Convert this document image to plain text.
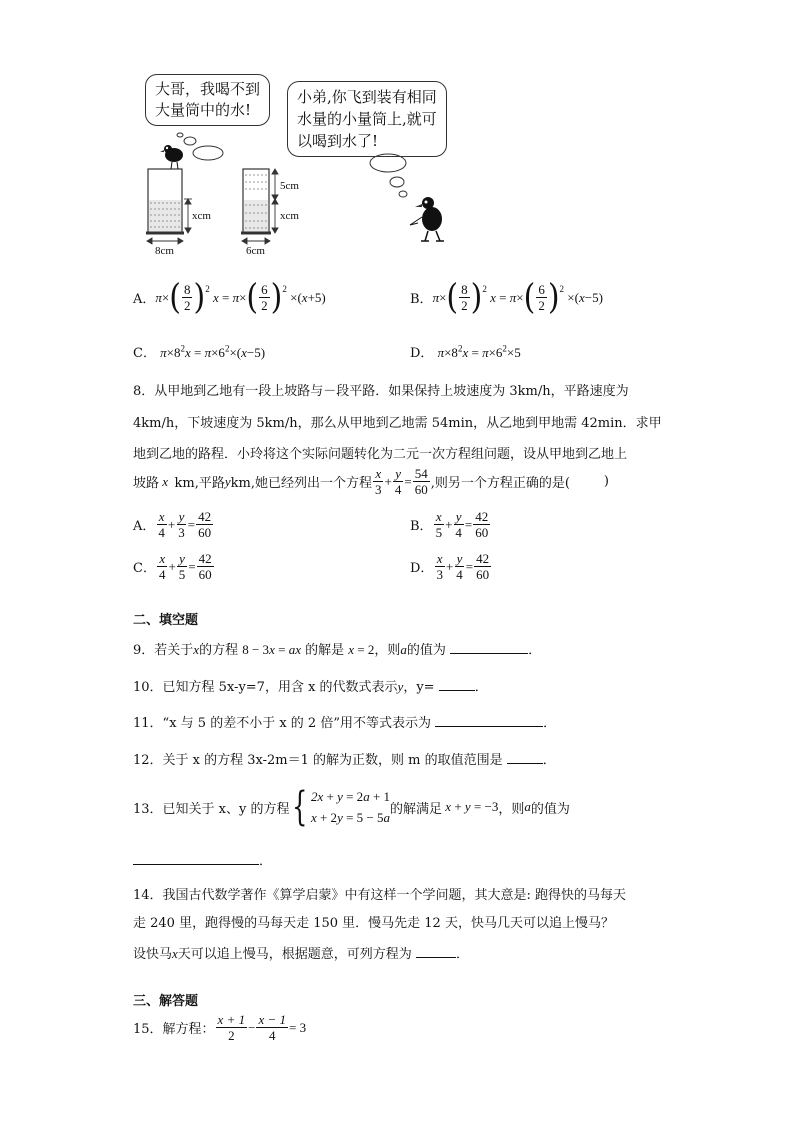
大哥，我喝不到
大量筒中的水!
小弟,你飞到装有相同
水量的小量筒上,就可
以喝到水了!
xcm
8cm
5cm
xcm
6cm
A． π × ( $\frac{8}{2} )^2$
x = π × ( $\frac{6}{2} )^2$
×( x +5)	B． π × ( $\frac{8}{2} )^2$
x = π × ( $\frac{6}{2} )^2$
×( x −5)
C． $\pi\times 8^2x = \pi\times 6^2\times(x-5)$	D． $\pi\times 8^2x = \pi\times 6^2\times 5$
8．从甲地到乙地有一段上坡路与－段平路．如果保持上坡速度为 3km/h，平路速度为
4km/h，下坡速度为 5km/h，那么从甲地到乙地需 54min，从乙地到甲地需 42min．求甲
地到乙地的路程．小玲将这个实际问题转化为二元一次方程组问题，设从甲地到乙地上
坡路 x km,平路 y km,她已经列出一个方程 $\frac{x}{3} + \frac{y}{4} = \frac{54}{60}$ ,则另一个方程正确的是(	)
A． $\frac{x}{4} + \frac{y}{3} = \frac{42}{60}$	B． $\frac{x}{5} + \frac{y}{4} = \frac{42}{60}$
C． $\frac{x}{4} + \frac{y}{5} = \frac{42}{60}$	D． $\frac{x}{3} + \frac{y}{4} = \frac{42}{60}$
二、填空题
9．若关于x的方程 8 − 3x = ax 的解是 x = 2，则a的值为	．
10．已知方程 5x-y=7，用含 x 的代数式表示y，y=	．
11．“x 与 5 的差不小于 x 的 2 倍”用不等式表示为	．
12．关于 x 的方程 3x-2m＝1 的解为正数，则 m 的取值范围是	．
13．已知关于 x、y 的方程 { 2x + y = 2a + 1
x + 2y = 5 − 5a
的解满足 x + y = −3 ，则 a 的值为
．
14．我国古代数学著作《算学启蒙》中有这样一个学问题，其大意是: 跑得快的马每天
走 240 里，跑得慢的马每天走 150 里．慢马先走 12 天，快马几天可以追上慢马？
设快马x天可以追上慢马，根据题意，可列方程为	．
三、解答题
15．解方程： $\frac{x + 1}{2} - \frac{x - 1}{4} = 3$
